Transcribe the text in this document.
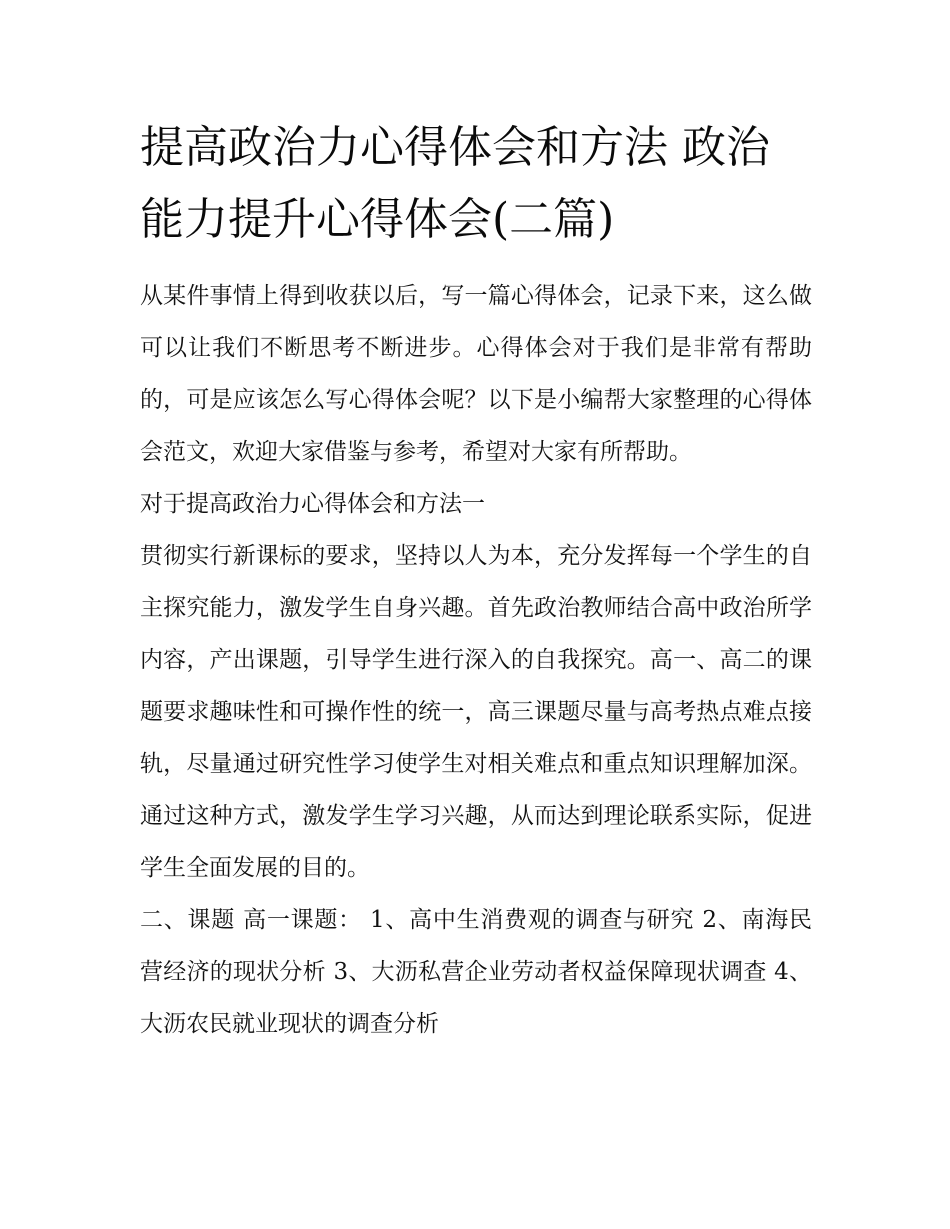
提高政治力心得体会和方法 政治能力提升心得体会(二篇)

从某件事情上得到收获以后，写一篇心得体会，记录下来，这么做可以让我们不断思考不断进步。心得体会对于我们是非常有帮助的，可是应该怎么写心得体会呢？以下是小编帮大家整理的心得体会范文，欢迎大家借鉴与参考，希望对大家有所帮助。

对于提高政治力心得体会和方法一

贯彻实行新课标的要求，坚持以人为本，充分发挥每一个学生的自主探究能力，激发学生自身兴趣。首先政治教师结合高中政治所学内容，产出课题，引导学生进行深入的自我探究。高一、高二的课题要求趣味性和可操作性的统一，高三课题尽量与高考热点难点接轨，尽量通过研究性学习使学生对相关难点和重点知识理解加深。通过这种方式，激发学生学习兴趣，从而达到理论联系实际，促进学生全面发展的目的。

二、课题 高一课题： 1、高中生消费观的调查与研究 2、南海民营经济的现状分析 3、大沥私营企业劳动者权益保障现状调查 4、大沥农民就业现状的调查分析
